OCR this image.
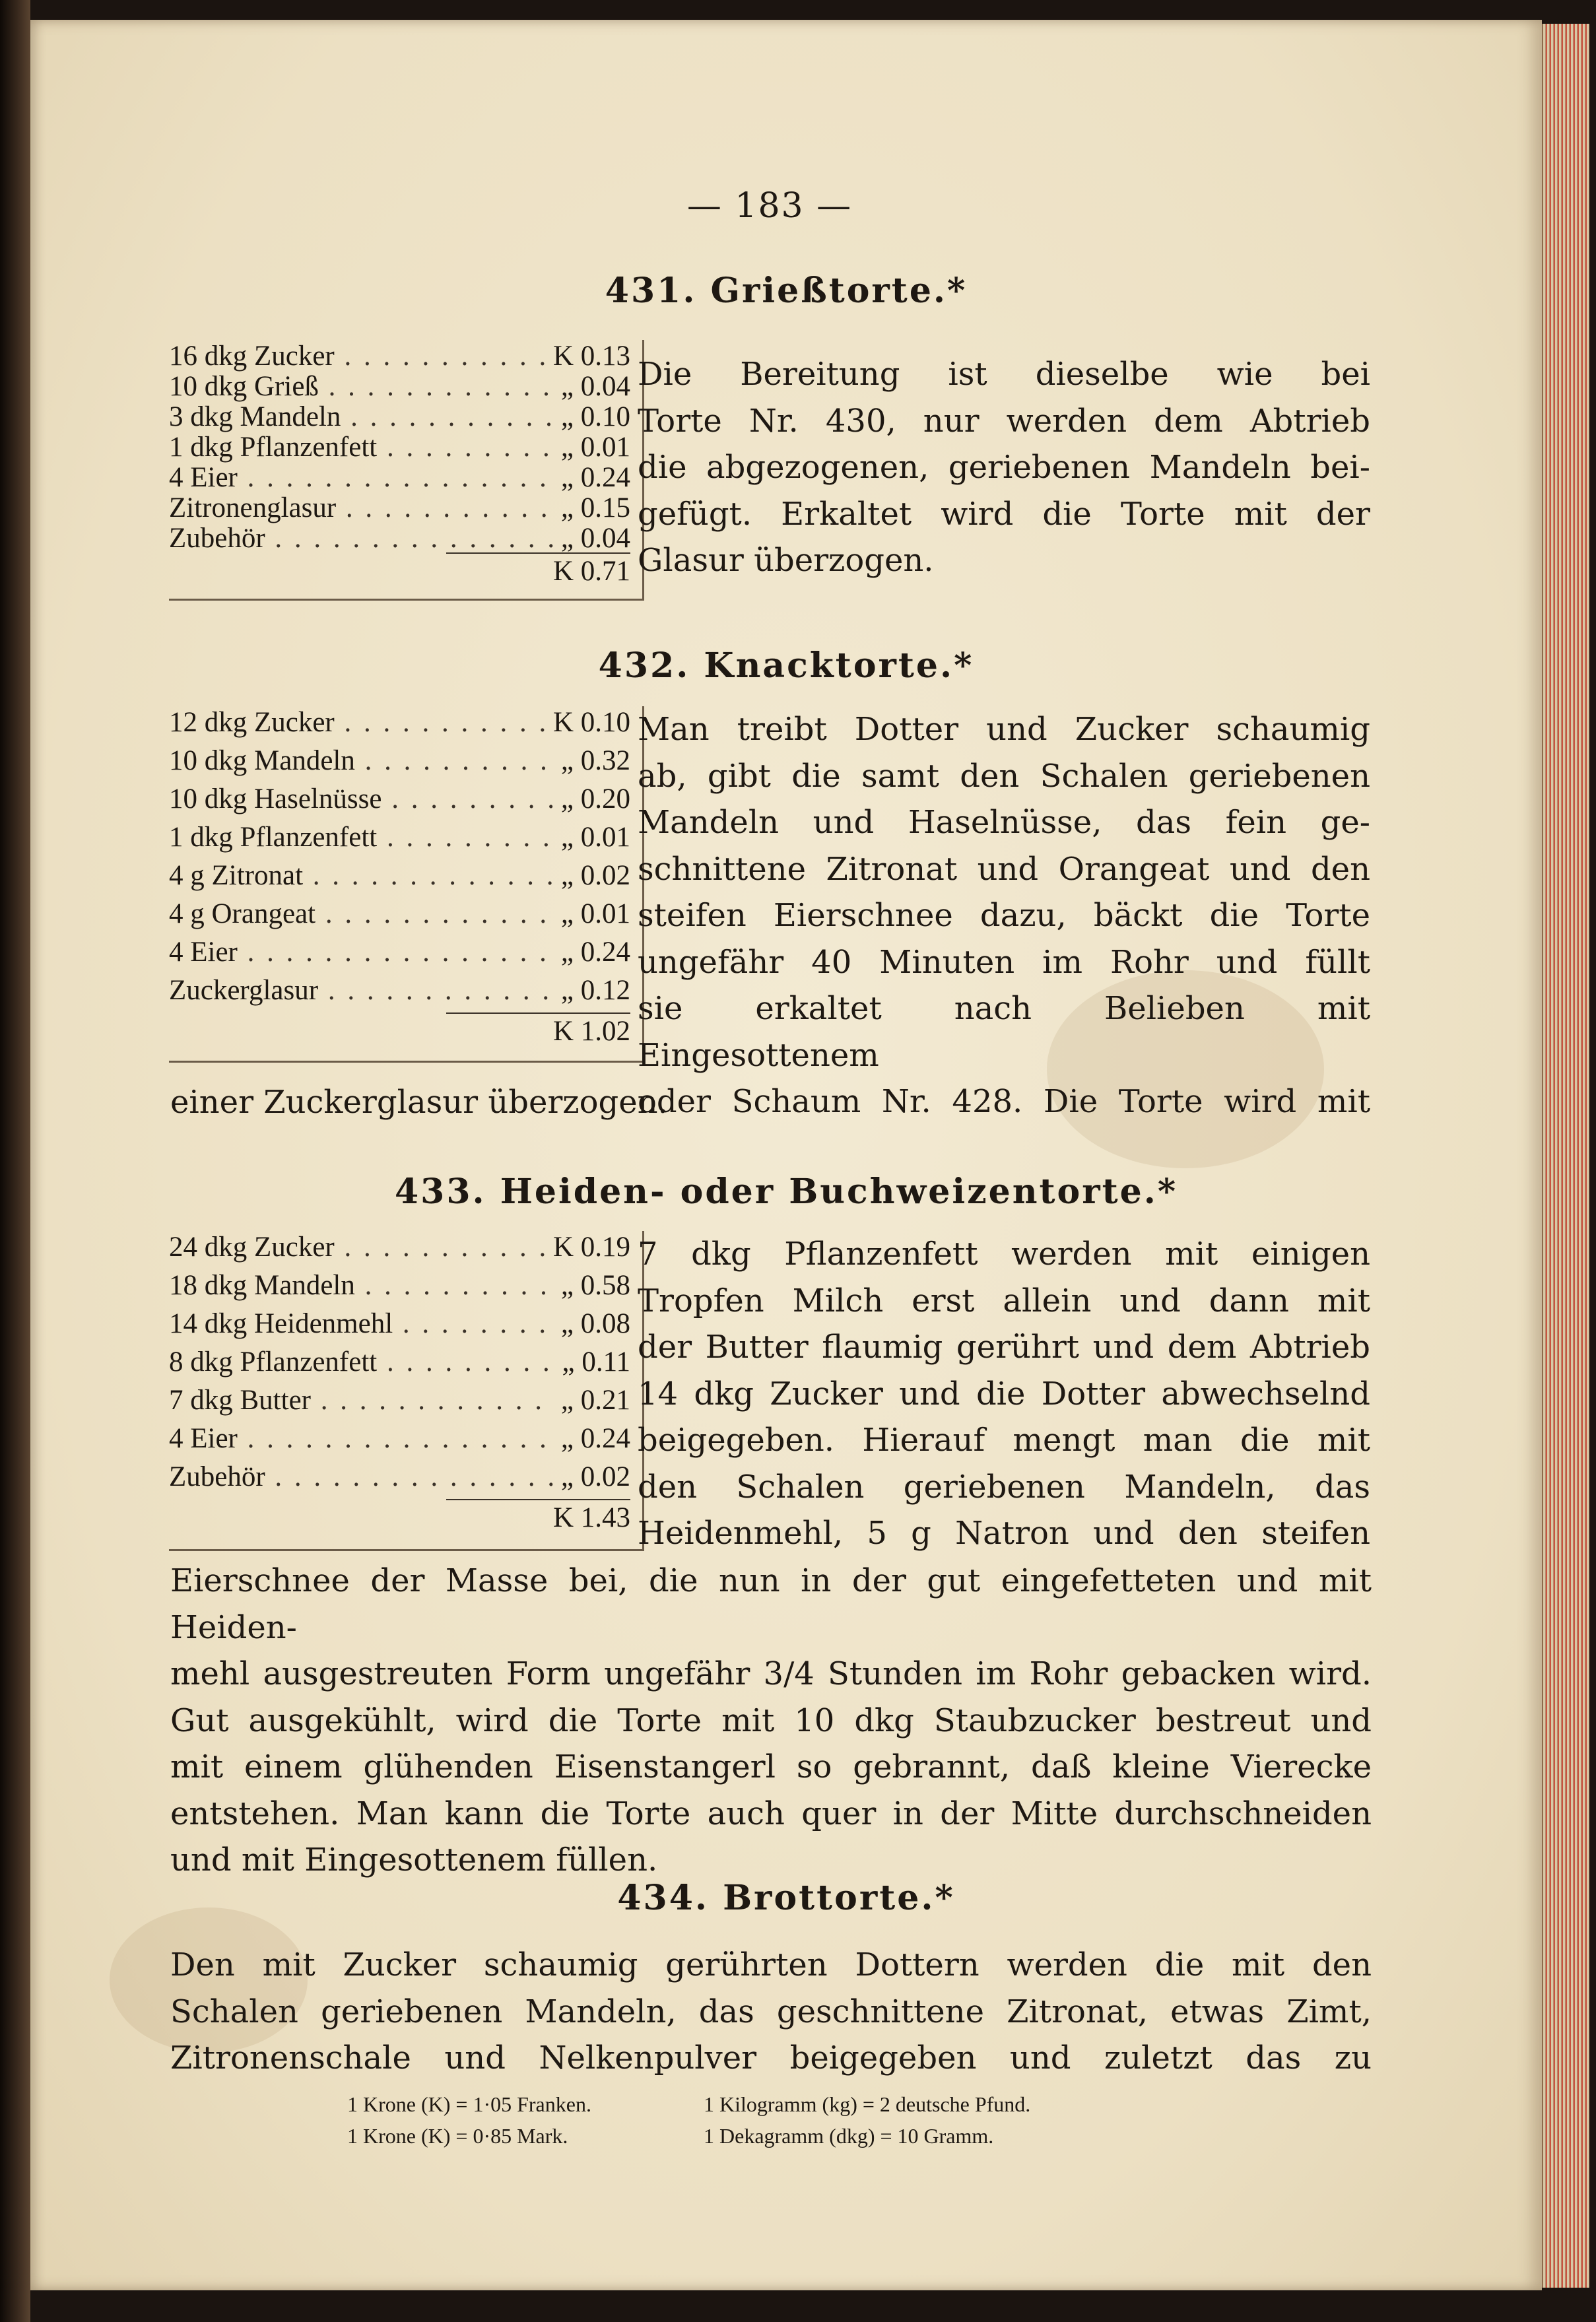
— 183 —
431. Grießtorte.*
16 dkg Zucker . . .	K 0.13
10 dkg Grieß . . .	„ 0.04
3 dkg Mandeln . . .	„ 0.10
1 dkg Pflanzenfett . . .	„ 0.01
4 Eier . . .	„ 0.24
Zitronenglasur . . .	„ 0.15
Zubehör . . .	„ 0.04
K 0.71
Die Bereitung ist dieselbe wie bei
Torte Nr. 430, nur werden dem Abtrieb
die abgezogenen, geriebenen Mandeln bei-
gefügt. Erkaltet wird die Torte mit der
Glasur überzogen.
432. Knacktorte.*
12 dkg Zucker . . .	K 0.10
10 dkg Mandeln . . .	„ 0.32
10 dkg Haselnüsse . . .	„ 0.20
1 dkg Pflanzenfett . . .	„ 0.01
4 g Zitronat . . .	„ 0.02
4 g Orangeat . . .	„ 0.01
4 Eier . . .	„ 0.24
Zuckerglasur . . .	„ 0.12
K 1.02
Man treibt Dotter und Zucker schaumig
ab, gibt die samt den Schalen geriebenen
Mandeln und Haselnüsse, das fein ge-
schnittene Zitronat und Orangeat und den
steifen Eierschnee dazu, bäckt die Torte
ungefähr 40 Minuten im Rohr und füllt
sie erkaltet nach Belieben mit Eingesottenem
oder Schaum Nr. 428. Die Torte wird mit
einer Zuckerglasur überzogen.
433. Heiden- oder Buchweizentorte.*
24 dkg Zucker . . .	K 0.19
18 dkg Mandeln . . .	„ 0.58
14 dkg Heidenmehl . . .	„ 0.08
8 dkg Pflanzenfett . . .	„ 0.11
7 dkg Butter . . .	„ 0.21
4 Eier . . .	„ 0.24
Zubehör . . .	„ 0.02
K 1.43
7 dkg Pflanzenfett werden mit einigen
Tropfen Milch erst allein und dann mit
der Butter flaumig gerührt und dem Abtrieb
14 dkg Zucker und die Dotter abwechselnd
beigegeben. Hierauf mengt man die mit
den Schalen geriebenen Mandeln, das
Heidenmehl, 5 g Natron und den steifen
Eierschnee der Masse bei, die nun in der gut eingefetteten und mit Heiden-
mehl ausgestreuten Form ungefähr 3/4 Stunden im Rohr gebacken wird.
Gut ausgekühlt, wird die Torte mit 10 dkg Staubzucker bestreut und
mit einem glühenden Eisenstangerl so gebrannt, daß kleine Vierecke
entstehen. Man kann die Torte auch quer in der Mitte durchschneiden
und mit Eingesottenem füllen.
434. Brottorte.*
Den mit Zucker schaumig gerührten Dottern werden die mit den
Schalen geriebenen Mandeln, das geschnittene Zitronat, etwas Zimt,
Zitronenschale und Nelkenpulver beigegeben und zuletzt das zu
1 Krone (K) = 1·05 Franken.
1 Krone (K) = 0·85 Mark.
1 Kilogramm (kg) = 2 deutsche Pfund.
1 Dekagramm (dkg) = 10 Gramm.
